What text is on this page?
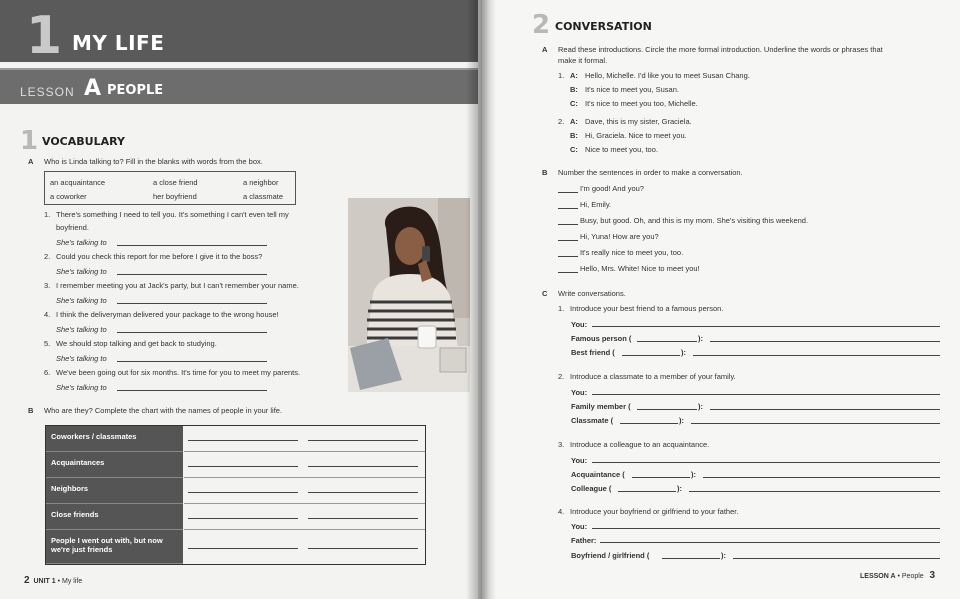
1 MY LIFE
LESSON A PEOPLE
1 VOCABULARY
A Who is Linda talking to? Fill in the blanks with words from the box.
an acquaintance	a close friend	a neighbor
a coworker	her boyfriend	a classmate
1. There's something I need to tell you. It's something I can't even tell my
boyfriend.
She's talking to
2. Could you check this report for me before I give it to the boss?
She's talking to
3. I remember meeting you at Jack's party, but I can't remember your name.
She's talking to
4. I think the deliveryman delivered your package to the wrong house!
She's talking to
5. We should stop talking and get back to studying.
She's talking to
6. We've been going out for six months. It's time for you to meet my parents.
She's talking to
B Who are they? Complete the chart with the names of people in your life.
Coworkers / classmates
Acquaintances
Neighbors
Close friends
People I went out with, but now we're just friends
2 UNIT 1 • My life
2 CONVERSATION
A Read these introductions. Circle the more formal introduction. Underline the words or phrases that
make it formal.
1. A: Hello, Michelle. I'd like you to meet Susan Chang.
B: It's nice to meet you, Susan.
C: It's nice to meet you too, Michelle.
2. A: Dave, this is my sister, Graciela.
B: Hi, Graciela. Nice to meet you.
C: Nice to meet you, too.
B Number the sentences in order to make a conversation.
I'm good! And you?
Hi, Emily.
Busy, but good. Oh, and this is my mom. She's visiting this weekend.
Hi, Yuna! How are you?
It's really nice to meet you, too.
Hello, Mrs. White! Nice to meet you!
C Write conversations.
1. Introduce your best friend to a famous person.
You:
Famous person (	):
Best friend (	):
2. Introduce a classmate to a member of your family.
You:
Family member (	):
Classmate (	):
3. Introduce a colleague to an acquaintance.
You:
Acquaintance (	):
Colleague (	):
4. Introduce your boyfriend or girlfriend to your father.
You:
Father:
Boyfriend / girlfriend (	):
LESSON A • People 3
